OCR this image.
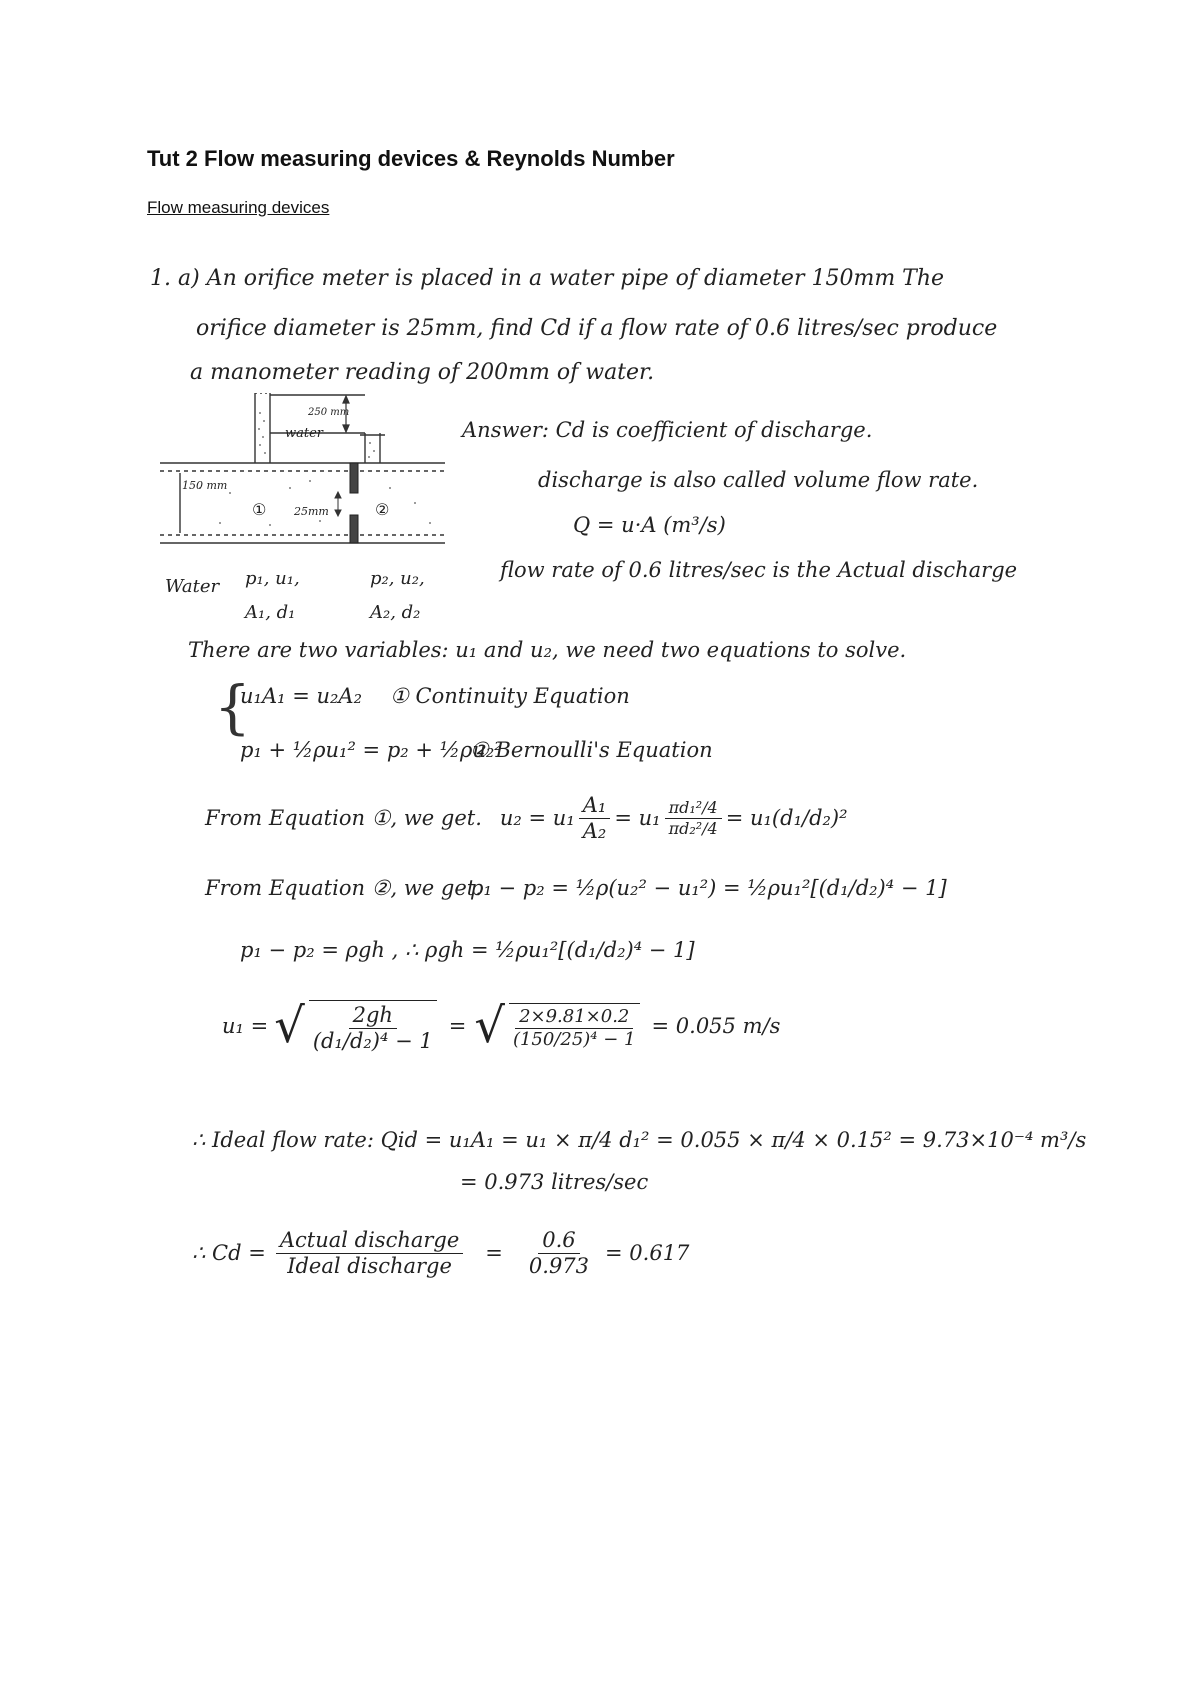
Tut 2 Flow measuring devices & Reynolds Number
Flow measuring devices
1. a) An orifice meter is placed in a water pipe of diameter 150mm The
orifice diameter is 25mm, find Cd if a flow rate of 0.6 litres/sec produce
a manometer reading of 200mm of water.
250 mm
water
150 mm
①	25mm	②
Water p₁, u₁,
A₁, d₁
p₂, u₂,
A₂, d₂
Answer: Cd is coefficient of discharge.
discharge is also called volume flow rate.
Q = u·A (m³/s)
flow rate of 0.6 litres/sec is the Actual discharge
There are two variables: u₁ and u₂, we need two equations to solve.
{
u₁A₁ = u₂A₂ ① Continuity Equation
p₁ + ½ρu₁² = p₂ + ½ρu₂²
② Bernoulli's Equation
From Equation ①, we get. $u_2 = u_1 \frac{\text{A₁}}{\text{A₂}} = u_1 \frac{\text{πd₁²/4}}{\text{πd₂²/4}} = u_1(d_1/d_2)^2$
From Equation ②, we get.
p₁ − p₂ = ½ρ(u₂² − u₁²) = ½ρu₁²[(d₁/d₂)⁴ − 1]
p₁ − p₂ = ρgh , ∴ ρgh = ½ρu₁²[(d₁/d₂)⁴ − 1]
u₁ = √ $\frac{2gh}{\text{(d₁/d₂)⁴ − 1}}$ = √ $\frac{2\times 9.81\times 0.2}{\text{(150/25)⁴ − 1}} = 0.055$ m/s
∴ Ideal flow rate: Qid = u₁A₁ = u₁ × π/4 d₁² = 0.055 × π/4 × 0.15² = 9.73×10⁻⁴ m³/s
= 0.973 litres/sec
∴ $Cd = \frac{\text{Actual discharge}}{\text{Ideal discharge}} = \frac{0.6}{0.973} = 0.617$
